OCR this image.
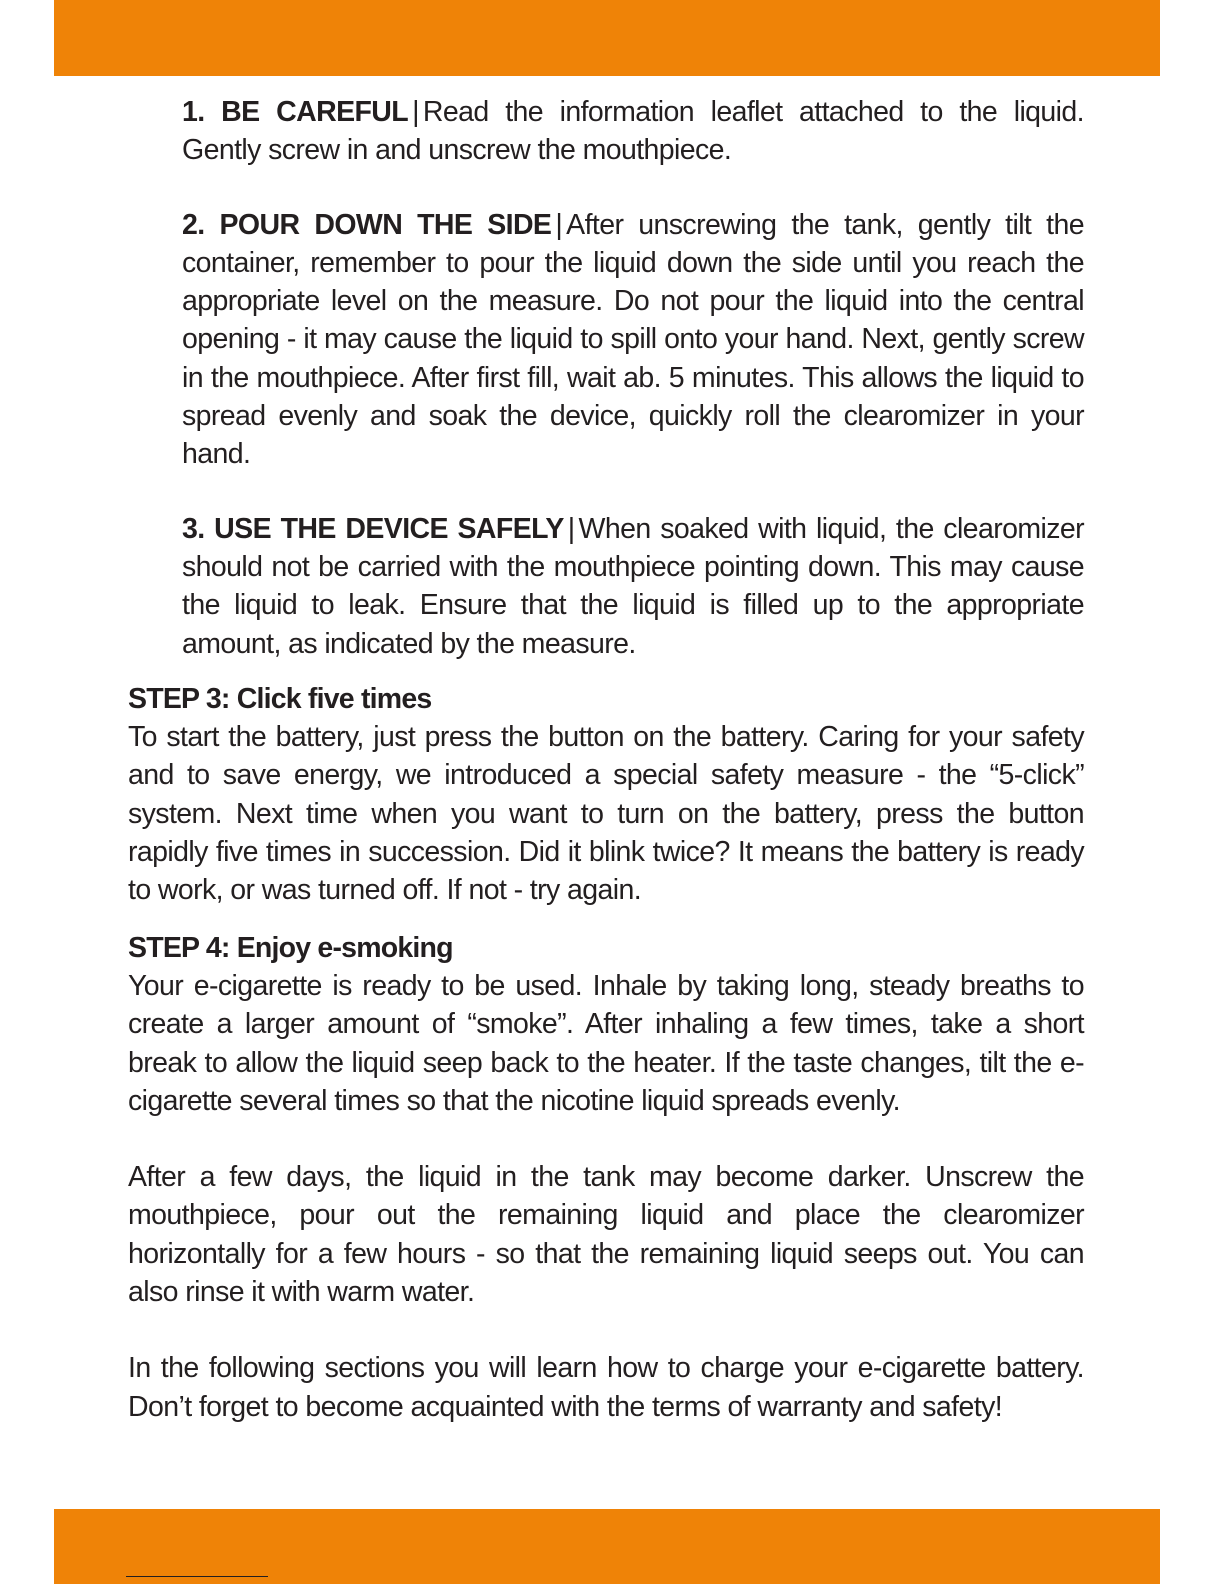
1. BE CAREFUL | Read the information leaflet attached to the liquid. Gently screw in and unscrew the mouthpiece.

2. POUR DOWN THE SIDE | After unscrewing the tank, gently tilt the container, remember to pour the liquid down the side until you reach the appropriate level on the measure. Do not pour the liquid into the central opening - it may cause the liquid to spill onto your hand. Next, gently screw in the mouthpiece. After first fill, wait ab. 5 minutes. This allows the liquid to spread evenly and soak the device, quickly roll the clearomizer in your hand.

3. USE THE DEVICE SAFELY | When soaked with liquid, the clearomizer should not be carried with the mouthpiece pointing down. This may cause the liquid to leak. Ensure that the liquid is filled up to the appropriate amount, as indicated by the measure.

STEP 3: Click five times

To start the battery, just press the button on the battery. Caring for your safety and to save energy, we introduced a special safety measure - the “5-click” system. Next time when you want to turn on the battery, press the button rapidly five times in succession. Did it blink twice? It means the battery is ready to work, or was turned off. If not - try again.

STEP 4: Enjoy e-smoking

Your e-cigarette is ready to be used. Inhale by taking long, steady breaths to create a larger amount of “smoke”. After inhaling a few times, take a short break to allow the liquid seep back to the heater. If the taste changes, tilt the e-cigarette several times so that the nicotine liquid spreads evenly.

After a few days, the liquid in the tank may become darker. Unscrew the mouthpiece, pour out the remaining liquid and place the clearomizer horizontally for a few hours - so that the remaining liquid seeps out. You can also rinse it with warm water.

In the following sections you will learn how to charge your e-cigarette battery. Don’t forget to become acquainted with the terms of warranty and safety!
